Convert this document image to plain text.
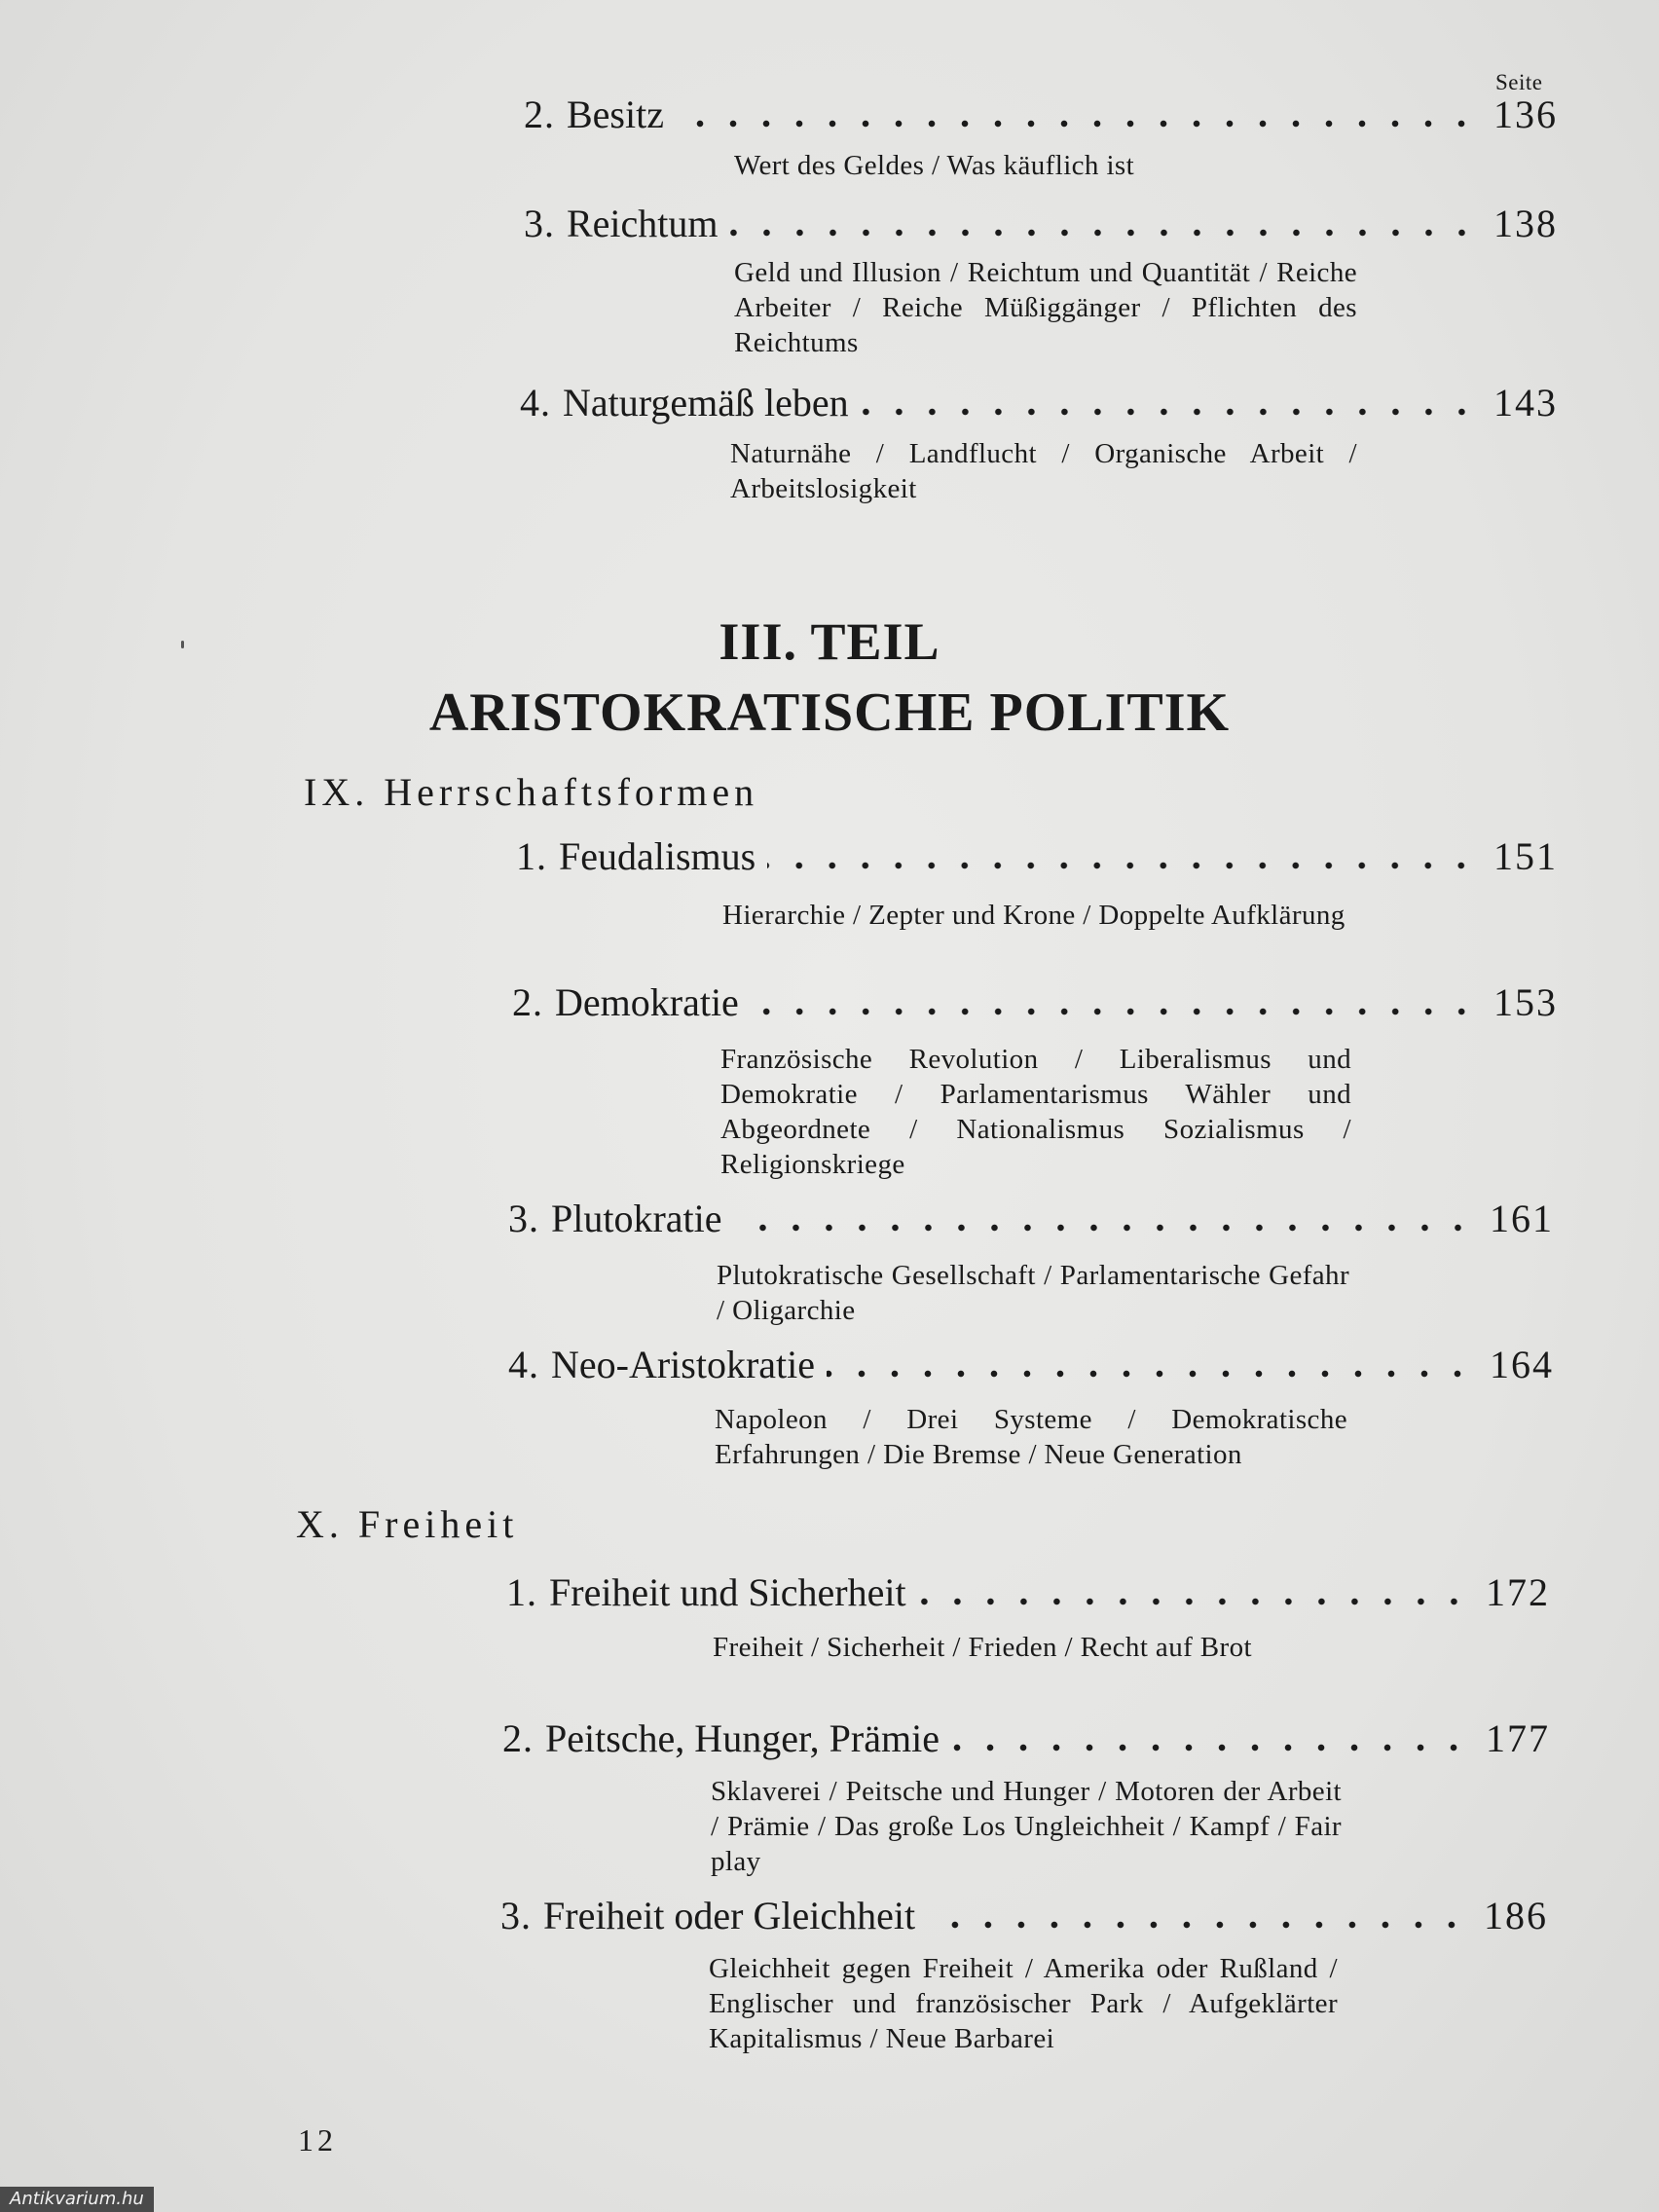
Seite
2. Besitz	136
Wert des Geldes / Was käuflich ist
3. Reichtum	138
Geld und Illusion / Reichtum und Quantität / Reiche Arbeiter / Reiche Müßiggänger / Pflichten des Reichtums
4. Naturgemäß leben	143
Naturnähe / Landflucht / Organische Arbeit / Arbeitslosigkeit
III. TEIL
ARISTOKRATISCHE POLITIK
IX. Herrschaftsformen
1. Feudalismus	151
Hierarchie / Zepter und Krone / Doppelte Aufklärung
2. Demokratie	153
Französische Revolution / Liberalismus und Demokratie / Parlamentarismus Wähler und Abgeordnete / Nationalismus Sozialismus / Religionskriege
3. Plutokratie	161
Plutokratische Gesellschaft / Parlamentarische Gefahr / Oligarchie
4. Neo-Aristokratie	164
Napoleon / Drei Systeme / Demokratische Erfahrungen / Die Bremse / Neue Generation
X. Freiheit
1. Freiheit und Sicherheit	172
Freiheit / Sicherheit / Frieden / Recht auf Brot
2. Peitsche, Hunger, Prämie	177
Sklaverei / Peitsche und Hunger / Motoren der Arbeit / Prämie / Das große Los Ungleichheit / Kampf / Fair play
3. Freiheit oder Gleichheit	186
Gleichheit gegen Freiheit / Amerika oder Rußland / Englischer und französischer Park / Aufgeklärter Kapitalismus / Neue Barbarei
12
Antikvarium.hu
